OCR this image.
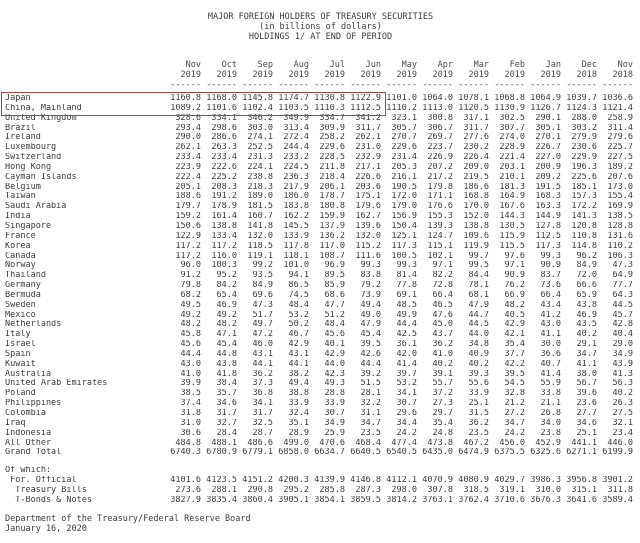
MAJOR FOREIGN HOLDERS OF TREASURY SECURITIES
(in billions of dollars)
HOLDINGS 1/ AT END OF PERIOD
Nov	Oct	Sep	Aug	Jul	Jun	May	Apr	Mar	Feb	Jan	Dec	Nov
2019	2019	2019	2019	2019	2019	2019	2019	2019	2019	2019	2018	2018
------ ------ ------ ------ ------ ------ ------ ------ ------ ------ ------ ------ ------
Japan	1160.8 1168.0 1145.8 1174.7 1130.8 1122.9 1101.0 1064.0 1078.1 1068.8 1064.9 1039.7 1036.6
China, Mainland	1089.2 1101.6 1102.4 1103.5 1110.3 1112.5 1110.2 1113.0 1120.5 1130.9 1126.7 1124.3 1121.4
United Kingdom	328.6	334.1	346.2	349.9	334.7	341.2	323.1	300.8	317.1	302.5	290.1	288.0	258.9
Brazil	293.4	298.6	303.0	313.4	309.9	311.7	305.7	306.7	311.7	307.7	305.1	303.2	311.4
Ireland	290.0	286.6	274.1	272.4	258.2	262.1	270.7	269.7	277.6	274.0	270.1	279.9	279.6
Luxembourg	262.1	263.3	252.5	244.4	229.6	231.0	229.6	223.7	230.2	228.9	226.7	230.6	225.7
Switzerland	233.4	233.4	231.3	233.2	228.5	232.9	231.4	226.9	226.4	221.4	227.0	229.9	227.5
Hong Kong	223.9	222.6	224.1	224.5	211.8	217.1	205.3	207.2	209.0	203.1	200.9	196.3	189.2
Cayman Islands	222.4	225.2	238.8	236.3	218.4	226.6	216.1	217.2	219.5	210.1	209.2	225.6	207.6
Belgium	205.1	208.3	218.3	217.9	206.1	203.6	190.5	179.8	186.6	181.3	191.5	185.1	173.0
Taiwan	188.6	191.2	189.0	186.0	178.7	175.1	172.0	171.1	168.8	164.9	168.3	157.3	155.4
Saudi Arabia	179.7	178.9	181.5	183.8	180.8	179.6	179.0	176.6	170.0	167.6	163.3	172.2	169.9
India	159.2	161.4	160.7	162.2	159.9	162.7	156.9	155.3	152.0	144.3	144.9	141.3	138.5
Singapore	150.6	138.8	141.8	145.5	137.9	139.6	150.4	139.3	138.8	130.5	127.8	120.8	128.8
France	122.9	133.4	132.0	133.9	136.2	132.0	125.1	124.7	109.6	115.9	112.5	110.8	131.6
Korea	117.2	117.2	118.5	117.8	117.0	115.2	117.3	115.1	119.9	115.5	117.3	114.8	110.2
Canada	117.2	116.0	119.1	118.1	108.7	111.6	100.5	102.1	99.7	97.6	99.3	96.2	106.3
Norway	96.0	100.3	99.2	101.0	96.9	99.3	99.3	97.1	99.5	97.1	90.9	84.9	47.3
Thailand	91.2	95.2	93.5	94.1	89.5	83.8	81.4	82.2	84.4	90.9	83.7	72.0	64.9
Germany	79.8	84.2	84.9	86.5	85.9	79.2	77.8	72.8	78.1	76.2	73.6	66.6	77.7
Bermuda	68.2	65.4	69.6	74.5	68.6	73.9	69.1	66.4	68.1	66.9	66.4	65.9	64.3
Sweden	49.5	46.9	47.3	48.4	47.7	49.4	48.5	46.5	47.9	48.2	43.4	43.8	44.5
Mexico	49.2	49.2	51.7	53.2	51.2	49.0	49.9	47.6	44.7	40.5	41.2	46.9	45.7
Netherlands	48.2	48.2	49.7	50.2	48.4	47.9	44.4	45.0	44.5	42.9	43.0	43.5	42.8
Italy	45.8	47.1	47.2	46.7	45.6	45.4	42.5	43.7	44.0	42.1	41.1	40.2	40.4
Israel	45.6	45.4	46.0	42.9	40.1	39.5	36.1	36.2	34.8	35.4	30.0	29.1	29.0
Spain	44.4	44.8	43.1	43.1	42.9	42.6	42.0	41.0	40.9	37.7	36.6	34.7	34.9
Kuwait	43.0	43.8	44.1	44.1	44.0	44.4	41.4	40.2	40.2	42.2	40.7	41.1	43.9
Australia	41.0	41.8	36.2	38.2	42.3	39.2	39.7	39.1	39.3	39.5	41.4	38.0	41.3
United Arab Emirates	39.9	38.4	37.3	49.4	49.3	51.5	53.2	55.7	55.6	54.5	55.9	56.7	56.3
Poland	38.5	35.7	36.8	38.8	28.8	28.1	34.1	37.2	33.9	32.8	33.8	39.6	40.2
Philippines	37.4	34.6	34.1	33.9	33.9	32.2	30.7	27.3	25.1	21.2	21.1	23.6	26.3
Colombia	31.8	31.7	31.7	32.4	30.7	31.1	29.6	29.7	31.5	27.2	26.8	27.7	27.5
Iraq	31.0	32.7	32.5	35.1	34.9	34.7	34.4	35.4	36.2	34.7	34.0	34.6	32.1
Indonesia	30.6	28.4	28.7	28.9	25.9	23.5	24.2	24.8	23.5	24.2	23.8	25.1	23.4
All Other	484.8	488.1	486.6	499.0	470.6	468.4	477.4	473.8	467.2	456.0	452.9	441.1	446.0
Grand Total	6740.3 6780.9 6779.1 6858.0 6634.7 6640.5 6540.5 6435.0 6474.9 6375.5 6325.6 6271.1 6199.9
Of which:
For. Official	4101.6 4123.5 4151.2 4200.3 4139.9 4146.8 4112.1 4070.9 4080.9 4029.7 3986.3 3956.8 3901.2
Treasury Bills	273.6	288.1	290.8	295.2	285.8	287.3	298.0	307.8	318.5	319.1	310.0	315.1	311.8
T-Bonds & Notes	3827.9 3835.4 3860.4 3905.1 3854.1 3859.5 3814.2 3763.1 3762.4 3710.6 3676.3 3641.6 3589.4
Department of the Treasury/Federal Reserve Board
January 16, 2020
